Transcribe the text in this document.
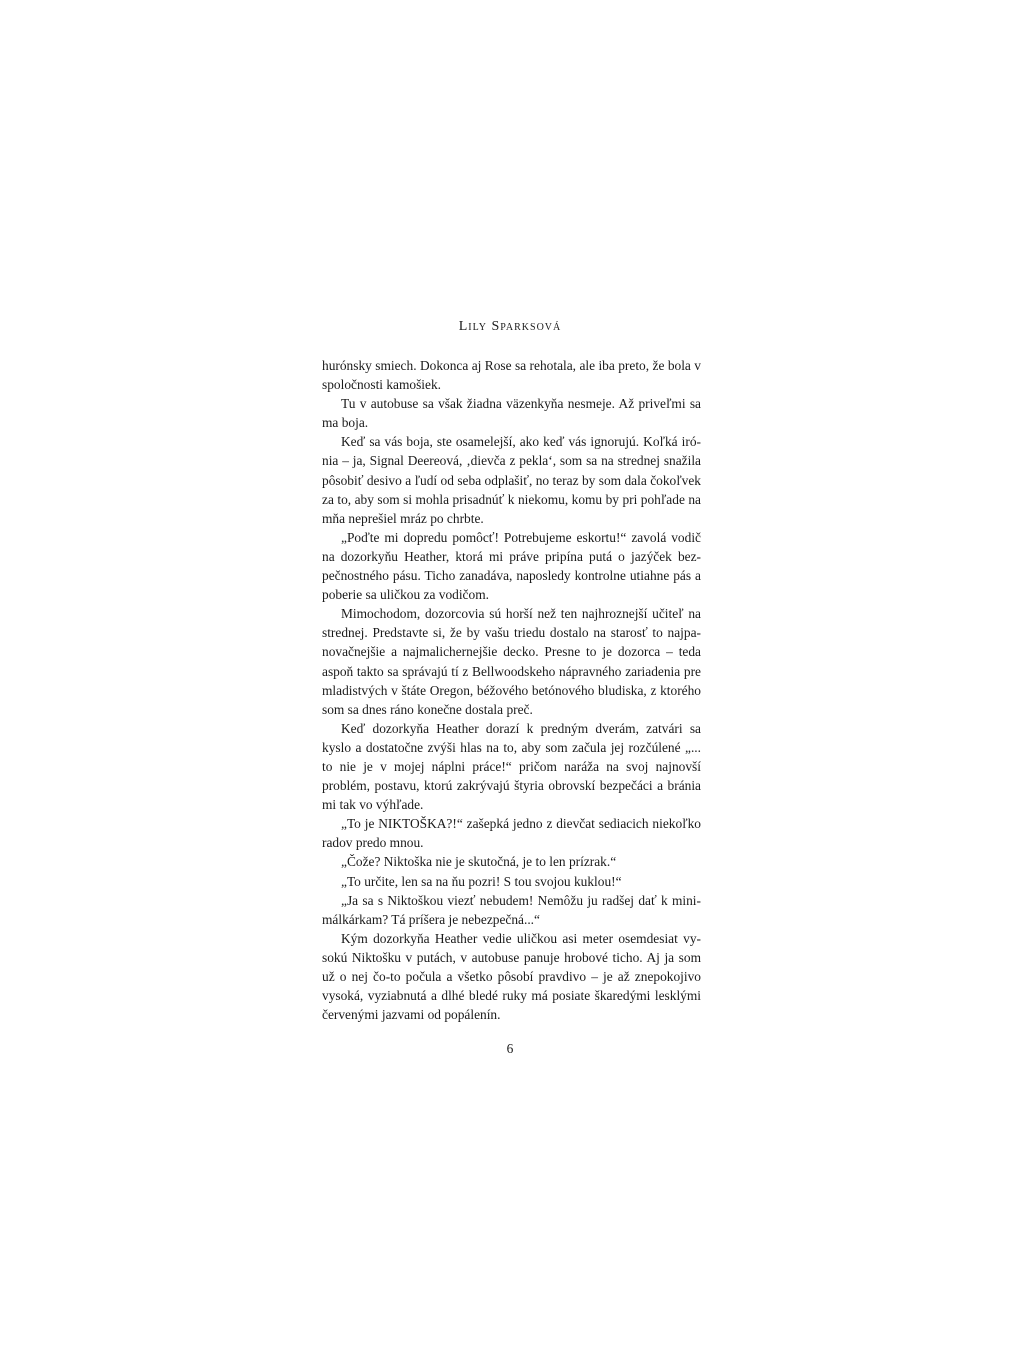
Lily Sparksová

hurónsky smiech. Dokonca aj Rose sa rehotala, ale iba preto, že bola v spoločnosti kamošiek.

Tu v autobuse sa však žiadna väzenkyňa nesmeje. Až priveľmi sa ma boja.

Keď sa vás boja, ste osamelejší, ako keď vás ignorujú. Koľká irónia – ja, Signal Deereová, ‚dievča z pekla‘, som sa na strednej snažila pôsobiť desivo a ľudí od seba odplašiť, no teraz by som dala čokoľvek za to, aby som si mohla prisadnúť k niekomu, komu by pri pohľade na mňa neprešiel mráz po chrbte.

„Poďte mi dopredu pomôcť! Potrebujeme eskortu!“ zavolá vodič na dozorkyňu Heather, ktorá mi práve pripína putá o jazýček bezpečnostného pásu. Ticho zanadáva, naposledy kontrolne utiahne pás a poberie sa uličkou za vodičom.

Mimochodom, dozorcovia sú horší než ten najhroznejší učiteľ na strednej. Predstavte si, že by vašu triedu dostalo na starosť to najpanovačnejšie a najmalichernejšie decko. Presne to je dozorca – teda aspoň takto sa správajú tí z Bellwoodskeho nápravného zariadenia pre mladistvých v štáte Oregon, béžového betónového bludiska, z ktorého som sa dnes ráno konečne dostala preč.

Keď dozorkyňa Heather dorazí k predným dverám, zatvári sa kyslo a dostatočne zvýši hlas na to, aby som začula jej rozčúlené „... to nie je v mojej náplni práce!“ pričom naráža na svoj najnovší problém, postavu, ktorú zakrývajú štyria obrovskí bezpečáci a bránia mi tak vo výhľade.

„To je NIKTOŠKA?!“ zašepká jedno z dievčat sediacich niekoľko radov predo mnou.

„Čože? Niktoška nie je skutočná, je to len prízrak.“

„To určite, len sa na ňu pozri! S tou svojou kuklou!“

„Ja sa s Niktoškou viezť nebudem! Nemôžu ju radšej dať k minimálkárkam? Tá príšera je nebezpečná...“

Kým dozorkyňa Heather vedie uličkou asi meter osemdesiat vysokú Niktošku v putách, v autobuse panuje hrobové ticho. Aj ja som už o nej čo-to počula a všetko pôsobí pravdivo – je až znepokojivo vysoká, vyziabnutá a dlhé bledé ruky má posiate škaredými lesklými červenými jazvami od popálenín.

6
